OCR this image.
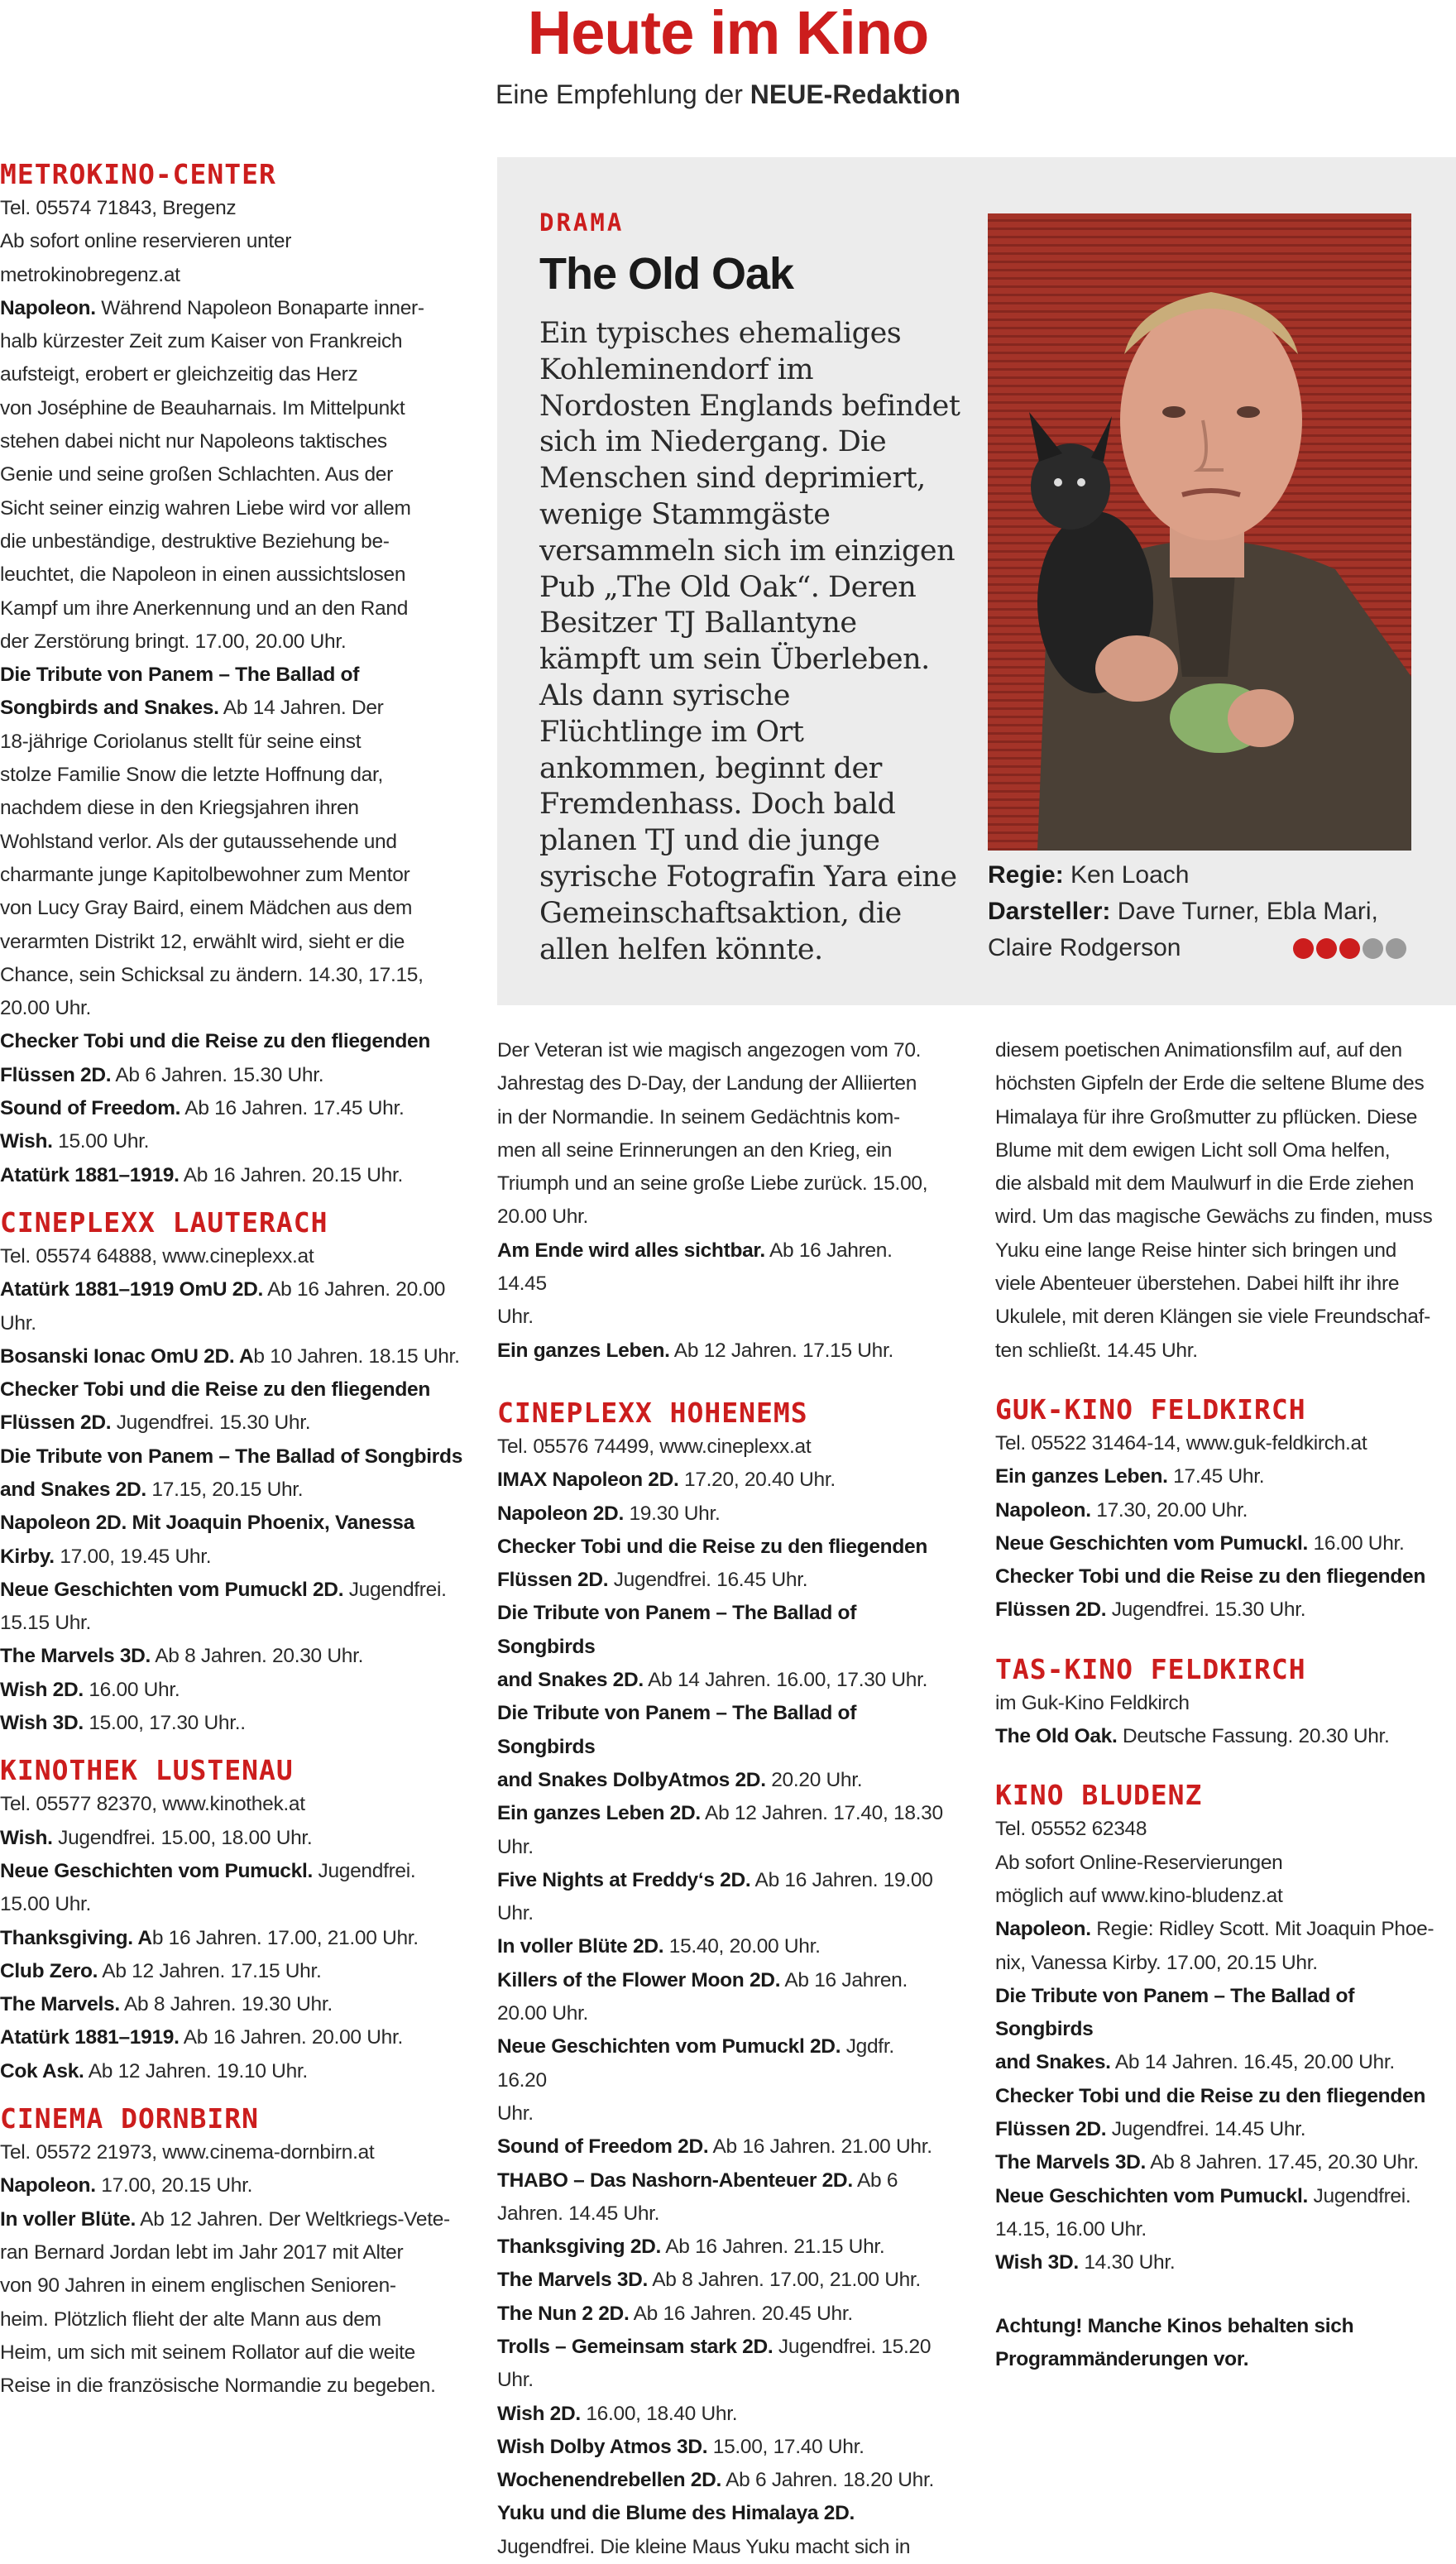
Heute im Kino
Eine Empfehlung der NEUE-Redaktion
METROKINO-CENTER

Tel. 05574 71843, Bregenz

Ab sofort online reservieren unter

metrokinobregenz.at

Napoleon. Während Napoleon Bonaparte inner-

halb kürzester Zeit zum Kaiser von Frankreich

aufsteigt, erobert er gleichzeitig das Herz

von Joséphine de Beauharnais. Im Mittelpunkt

stehen dabei nicht nur Napoleons taktisches

Genie und seine großen Schlachten. Aus der

Sicht seiner einzig wahren Liebe wird vor allem

die unbeständige, destruktive Beziehung be-

leuchtet, die Napoleon in einen aussichtslosen

Kampf um ihre Anerkennung und an den Rand

der Zerstörung bringt. 17.00, 20.00 Uhr.

Die Tribute von Panem – The Ballad of

Songbirds and Snakes. Ab 14 Jahren. Der

18-jährige Coriolanus stellt für seine einst

stolze Familie Snow die letzte Hoffnung dar,

nachdem diese in den Kriegsjahren ihren

Wohlstand verlor. Als der gutaussehende und

charmante junge Kapitolbewohner zum Mentor

von Lucy Gray Baird, einem Mädchen aus dem

verarmten Distrikt 12, erwählt wird, sieht er die

Chance, sein Schicksal zu ändern. 14.30, 17.15,

20.00 Uhr.

Checker Tobi und die Reise zu den fliegenden

Flüssen 2D. Ab 6 Jahren. 15.30 Uhr.

Sound of Freedom. Ab 16 Jahren. 17.45 Uhr.

Wish. 15.00 Uhr.

Atatürk 1881–1919. Ab 16 Jahren. 20.15 Uhr.

CINEPLEXX LAUTERACH

Tel. 05574 64888, www.cineplexx.at

Atatürk 1881–1919 OmU 2D. Ab 16 Jahren. 20.00

Uhr.

Bosanski Ionac OmU 2D. Ab 10 Jahren. 18.15 Uhr.

Checker Tobi und die Reise zu den fliegenden

Flüssen 2D. Jugendfrei. 15.30 Uhr.

Die Tribute von Panem – The Ballad of Songbirds

and Snakes 2D. 17.15, 20.15 Uhr.

Napoleon 2D. Mit Joaquin Phoenix, Vanessa

Kirby. 17.00, 19.45 Uhr.

Neue Geschichten vom Pumuckl 2D. Jugendfrei.

15.15 Uhr.

The Marvels 3D. Ab 8 Jahren. 20.30 Uhr.

Wish 2D. 16.00 Uhr.

Wish 3D. 15.00, 17.30 Uhr..

KINOTHEK LUSTENAU

Tel. 05577 82370, www.kinothek.at

Wish. Jugendfrei. 15.00, 18.00 Uhr.

Neue Geschichten vom Pumuckl. Jugendfrei.

15.00 Uhr.

Thanksgiving. Ab 16 Jahren. 17.00, 21.00 Uhr.

Club Zero. Ab 12 Jahren. 17.15 Uhr.

The Marvels. Ab 8 Jahren. 19.30 Uhr.

Atatürk 1881–1919. Ab 16 Jahren. 20.00 Uhr.

Cok Ask. Ab 12 Jahren. 19.10 Uhr.

CINEMA DORNBIRN

Tel. 05572 21973, www.cinema-dornbirn.at

Napoleon. 17.00, 20.15 Uhr.

In voller Blüte. Ab 12 Jahren. Der Weltkriegs-Vete-

ran Bernard Jordan lebt im Jahr 2017 mit Alter

von 90 Jahren in einem englischen Senioren-

heim. Plötzlich flieht der alte Mann aus dem

Heim, um sich mit seinem Rollator auf die weite

Reise in die französische Normandie zu begeben.

DRAMA
The Old Oak
Ein typisches ehemaliges Kohleminendorf im Nordosten Englands befindet sich im Niedergang. Die Menschen sind deprimiert, wenige Stammgäste versammeln sich im einzigen Pub „The Old Oak“. Deren Besitzer TJ Ballantyne kämpft um sein Überleben. Als dann syrische Flüchtlinge im Ort ankommen, beginnt der Fremdenhass. Doch bald planen TJ und die junge syrische Fotografin Yara eine Gemeinschaftsaktion, die allen helfen könnte.
Regie: Ken Loach
Darsteller: Dave Turner, Ebla Mari,
Claire Rodgerson

Der Veteran ist wie magisch angezogen vom 70.

Jahrestag des D-Day, der Landung der Alliierten

in der Normandie. In seinem Gedächtnis kom-

men all seine Erinnerungen an den Krieg, ein

Triumph und an seine große Liebe zurück. 15.00,

20.00 Uhr.

Am Ende wird alles sichtbar. Ab 16 Jahren. 14.45

Uhr.

Ein ganzes Leben. Ab 12 Jahren. 17.15 Uhr.

CINEPLEXX HOHENEMS

Tel. 05576 74499, www.cineplexx.at

IMAX Napoleon 2D. 17.20, 20.40 Uhr.

Napoleon 2D. 19.30 Uhr.

Checker Tobi und die Reise zu den fliegenden

Flüssen 2D. Jugendfrei. 16.45 Uhr.

Die Tribute von Panem – The Ballad of Songbirds

and Snakes 2D. Ab 14 Jahren. 16.00, 17.30 Uhr.

Die Tribute von Panem – The Ballad of Songbirds

and Snakes DolbyAtmos 2D. 20.20 Uhr.

Ein ganzes Leben 2D. Ab 12 Jahren. 17.40, 18.30

Uhr.

Five Nights at Freddy‘s 2D. Ab 16 Jahren. 19.00

Uhr.

In voller Blüte 2D. 15.40, 20.00 Uhr.

Killers of the Flower Moon 2D. Ab 16 Jahren.

20.00 Uhr.

Neue Geschichten vom Pumuckl 2D. Jgdfr. 16.20

Uhr.

Sound of Freedom 2D. Ab 16 Jahren. 21.00 Uhr.

THABO – Das Nashorn-Abenteuer 2D. Ab 6

Jahren. 14.45 Uhr.

Thanksgiving 2D. Ab 16 Jahren. 21.15 Uhr.

The Marvels 3D. Ab 8 Jahren. 17.00, 21.00 Uhr.

The Nun 2 2D. Ab 16 Jahren. 20.45 Uhr.

Trolls – Gemeinsam stark 2D. Jugendfrei. 15.20

Uhr.

Wish 2D. 16.00, 18.40 Uhr.

Wish Dolby Atmos 3D. 15.00, 17.40 Uhr.

Wochenendrebellen 2D. Ab 6 Jahren. 18.20 Uhr.

Yuku und die Blume des Himalaya 2D.

Jugendfrei. Die kleine Maus Yuku macht sich in

diesem poetischen Animationsfilm auf, auf den

höchsten Gipfeln der Erde die seltene Blume des

Himalaya für ihre Großmutter zu pflücken. Diese

Blume mit dem ewigen Licht soll Oma helfen,

die alsbald mit dem Maulwurf in die Erde ziehen

wird. Um das magische Gewächs zu finden, muss

Yuku eine lange Reise hinter sich bringen und

viele Abenteuer überstehen. Dabei hilft ihr ihre

Ukulele, mit deren Klängen sie viele Freundschaf-

ten schließt. 14.45 Uhr.

GUK-KINO FELDKIRCH

Tel. 05522 31464-14, www.guk-feldkirch.at

Ein ganzes Leben. 17.45 Uhr.

Napoleon. 17.30, 20.00 Uhr.

Neue Geschichten vom Pumuckl. 16.00 Uhr.

Checker Tobi und die Reise zu den fliegenden

Flüssen 2D. Jugendfrei. 15.30 Uhr.

TAS-KINO FELDKIRCH

im Guk-Kino Feldkirch

The Old Oak. Deutsche Fassung. 20.30 Uhr.

KINO BLUDENZ

Tel. 05552 62348

Ab sofort Online-Reservierungen

möglich auf www.kino-bludenz.at

Napoleon. Regie: Ridley Scott. Mit Joaquin Phoe-

nix, Vanessa Kirby. 17.00, 20.15 Uhr.

Die Tribute von Panem – The Ballad of Songbirds

and Snakes. Ab 14 Jahren. 16.45, 20.00 Uhr.

Checker Tobi und die Reise zu den fliegenden

Flüssen 2D. Jugendfrei. 14.45 Uhr.

The Marvels 3D. Ab 8 Jahren. 17.45, 20.30 Uhr.

Neue Geschichten vom Pumuckl. Jugendfrei.

14.15, 16.00 Uhr.

Wish 3D. 14.30 Uhr.

Achtung! Manche Kinos behalten sich

Programmänderungen vor.
